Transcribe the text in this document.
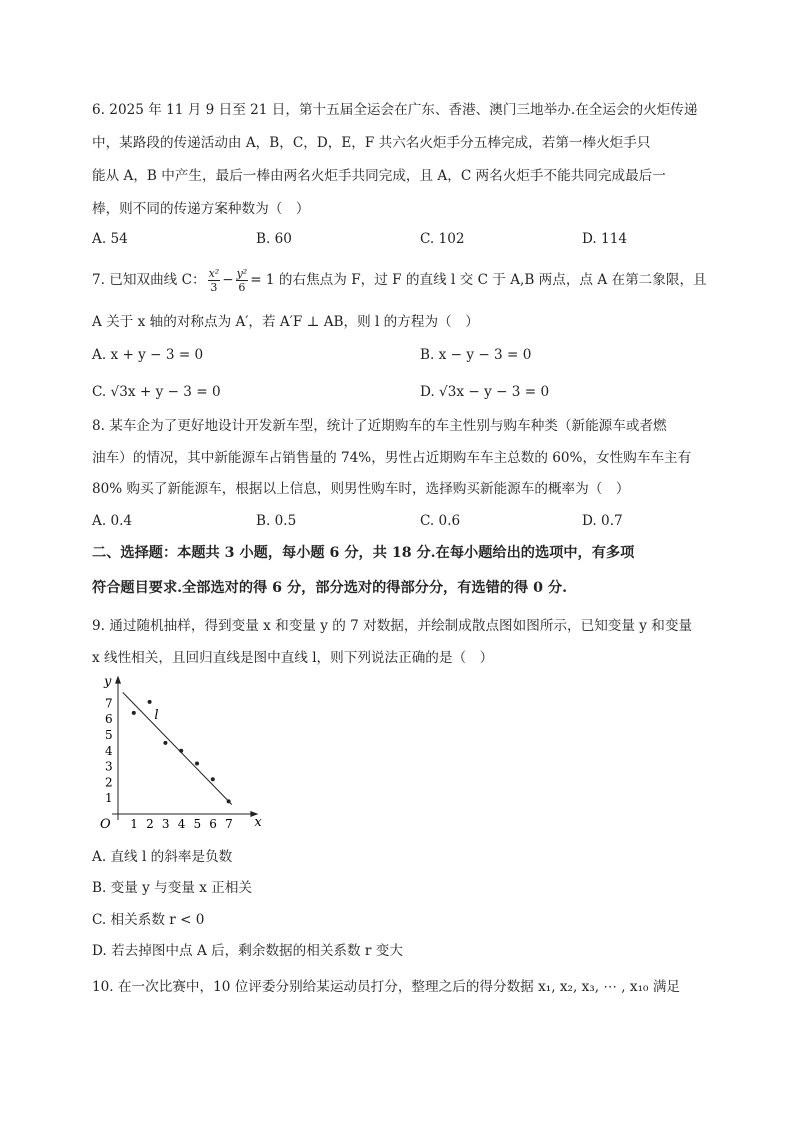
6. 2025 年 11 月 9 日至 21 日，第十五届全运会在广东、香港、澳门三地举办.在全运会的火炬传递
中，某路段的传递活动由 A，B，C，D，E，F 共六名火炬手分五棒完成，若第一棒火炬手只
能从 A，B 中产生，最后一棒由两名火炬手共同完成，且 A，C 两名火炬手不能共同完成最后一
棒，则不同的传递方案种数为（　）
A. 54	B. 60	C. 102	D. 114
7. 已知双曲线 C： $\frac{\text{x²}}{3} - \frac{\text{y²}}{6} = 1$ 的右焦点为 F，过 F 的直线 l 交 C 于 A,B 两点，点 A 在第二象限，且
A 关于 x 轴的对称点为 A′，若 A′F ⊥ AB，则 l 的方程为（　）
A. x + y − 3 = 0	B. x − y − 3 = 0
C. √3x + y − 3 = 0	D. √3x − y − 3 = 0
8. 某车企为了更好地设计开发新车型，统计了近期购车的车主性别与购车种类（新能源车或者燃
油车）的情况，其中新能源车占销售量的 74%，男性占近期购车车主总数的 60%，女性购车车主有
80% 购买了新能源车，根据以上信息，则男性购车时，选择购买新能源车的概率为（　）
A. 0.4	B. 0.5	C. 0.6	D. 0.7
二、选择题：本题共 3 小题，每小题 6 分，共 18 分.在每小题给出的选项中，有多项
符合题目要求.全部选对的得 6 分，部分选对的得部分分，有选错的得 0 分.
9. 通过随机抽样，得到变量 x 和变量 y 的 7 对数据，并绘制成散点图如图所示，已知变量 y 和变量
x 线性相关，且回归直线是图中直线 l，则下列说法正确的是（　）
x
y
O 1 2 3 4 5 6 7
1
2
3
4
5
6
7
l
A. 直线 l 的斜率是负数
B. 变量 y 与变量 x 正相关
C. 相关系数 r < 0
D. 若去掉图中点 A 后，剩余数据的相关系数 r 变大
10. 在一次比赛中，10 位评委分别给某运动员打分，整理之后的得分数据 x₁, x₂, x₃, ⋯ , x₁₀ 满足
